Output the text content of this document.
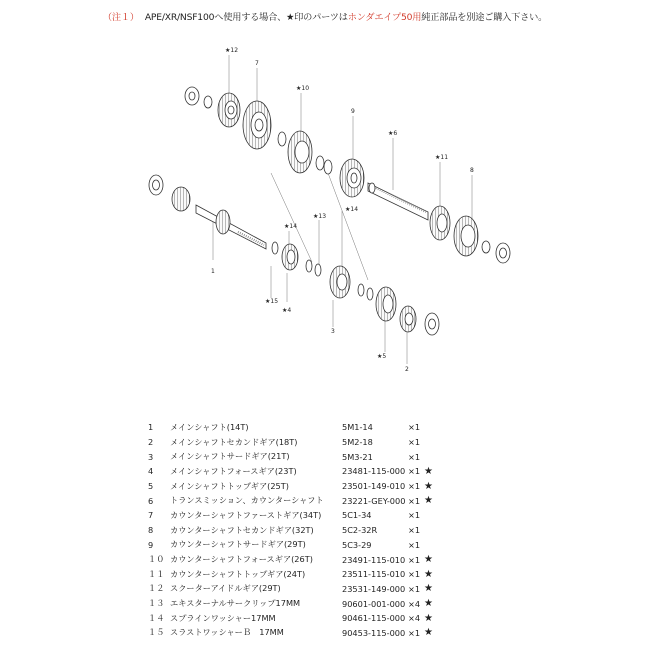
（注１） APE/XR/NSF100へ使用する場合、★印のパーツはホンダエイプ50用純正部品を別途ご購入下さい。
★12
7
★10
9
★6
★11
8
★13
★14
★14
1
★15
★4
3
★5
2
1	メインシャフト(14T)	5M1-14	×1	
2	メインシャフトセカンドギア(18T)	5M2-18	×1	
3	メインシャフトサードギア(21T)	5M3-21	×1	
4	メインシャフトフォースギア(23T)	23481-115-000	×1	★
5	メインシャフトトップギア(25T)	23501-149-010	×1	★
6	トランスミッション、カウンターシャフト	23221-GEY-000	×1	★
7	カウンターシャフトファーストギア(34T)	5C1-34	×1	
8	カウンターシャフトセカンドギア(32T)	5C2-32R	×1	
9	カウンターシャフトサードギア(29T)	5C3-29	×1	
１０	カウンターシャフトフォースギア(26T)	23491-115-010	×1	★
１１	カウンターシャフトトップギア(24T)	23511-115-010	×1	★
１２	スクーターアイドルギア(29T)	23531-149-000	×1	★
１３	エキスターナルサークリップ17MM	90601-001-000	×4	★
１４	スプラインワッシャー17MM	90461-115-000	×4	★
１５	スラストワッシャーＢ　17MM	90453-115-000	×1	★
